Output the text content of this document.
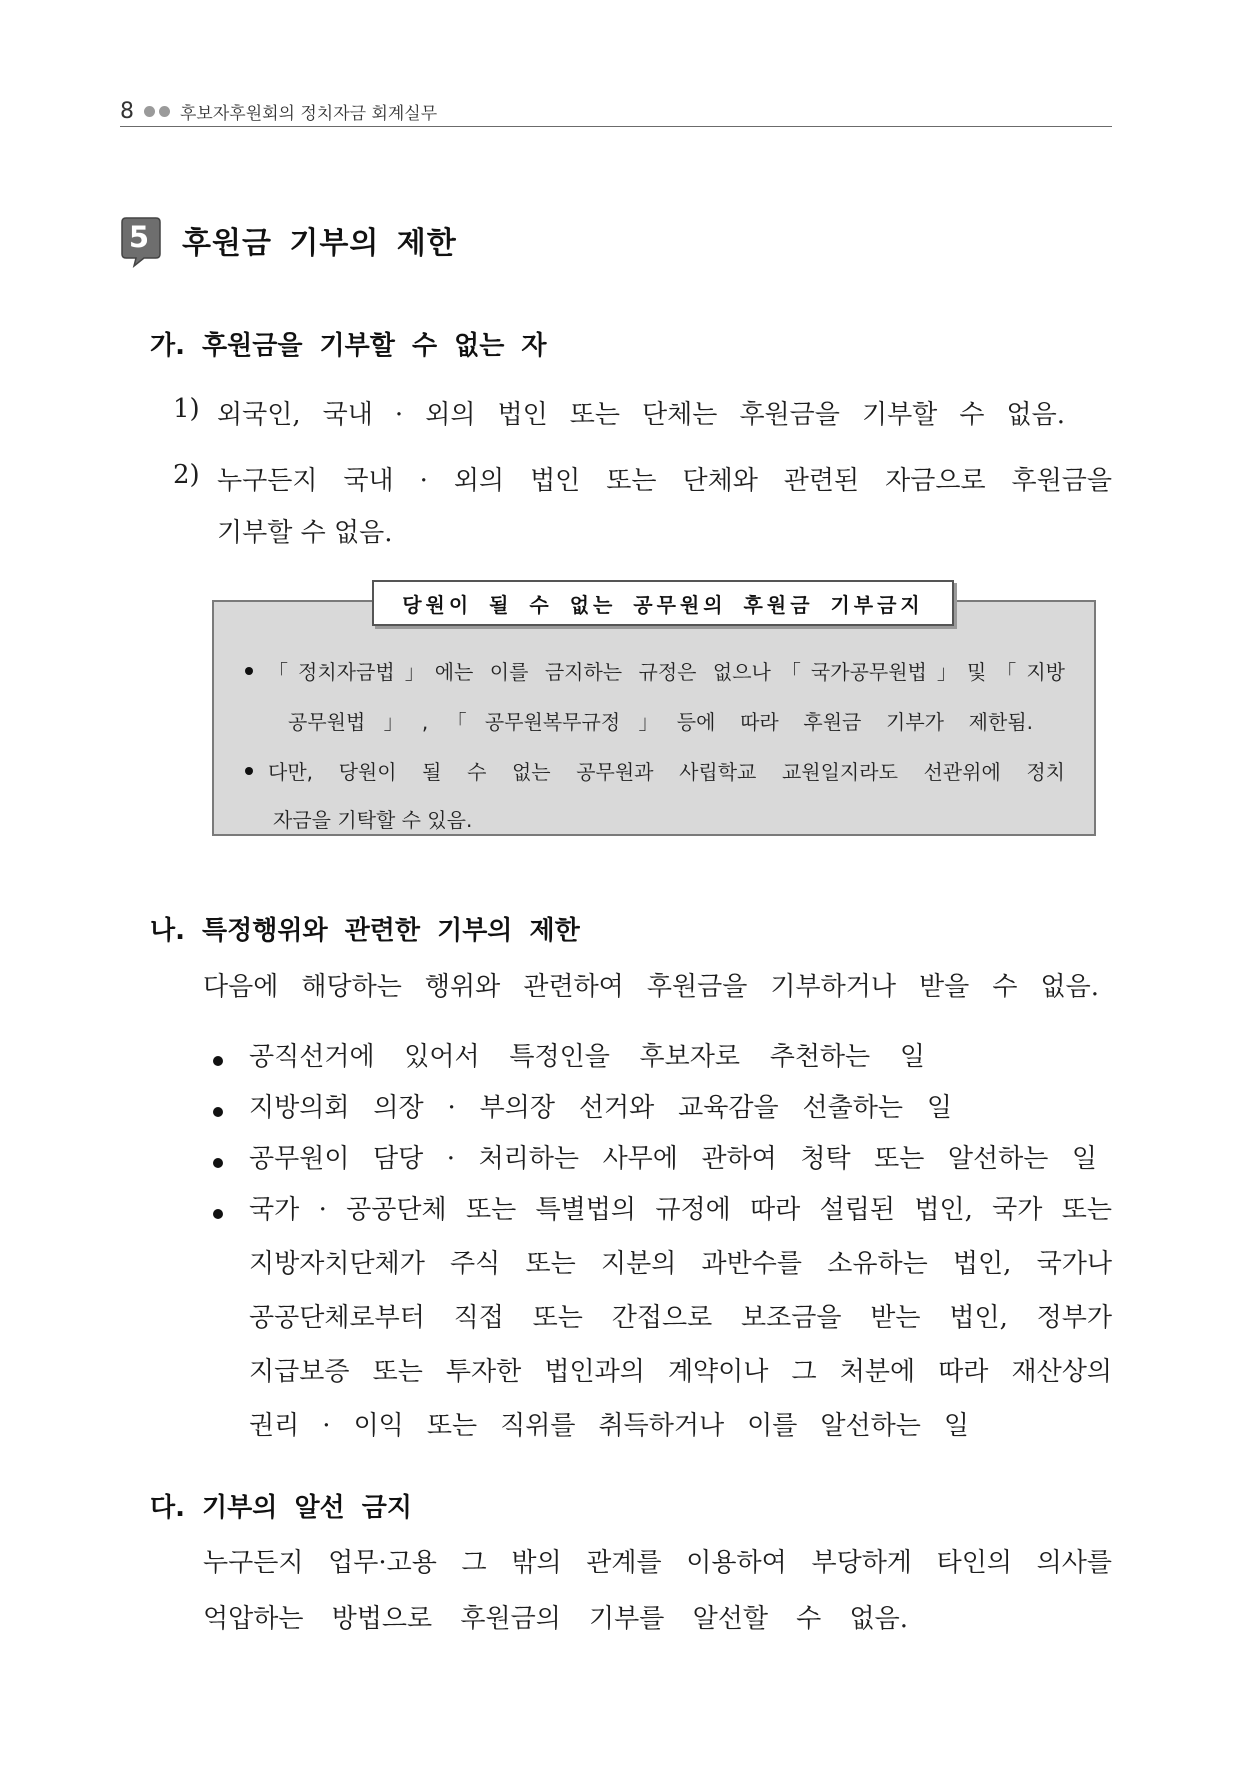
8	후보자후원회의 정치자금 회계실무
5 후원금 기부의 제한
가. 후원금을 기부할 수 없는 자
1) 외국인, 국내 · 외의 법인 또는 단체는 후원금을 기부할 수 없음.
2) 누구든지 국내 · 외의 법인 또는 단체와 관련된 자금으로 후원금을
기부할 수 없음.
당원이 될 수 없는 공무원의 후원금 기부금지
「정치자금법」에는 이를 금지하는 규정은 없으나「국가공무원법」및「지방
공무원법」,「공무원복무규정」등에 따라 후원금 기부가 제한됨.
다만, 당원이 될 수 없는 공무원과 사립학교 교원일지라도 선관위에 정치
자금을 기탁할 수 있음.
나. 특정행위와 관련한 기부의 제한
다음에 해당하는 행위와 관련하여 후원금을 기부하거나 받을 수 없음.
공직선거에 있어서 특정인을 후보자로 추천하는 일
지방의회 의장 · 부의장 선거와 교육감을 선출하는 일
공무원이 담당 · 처리하는 사무에 관하여 청탁 또는 알선하는 일
국가 · 공공단체 또는 특별법의 규정에 따라 설립된 법인, 국가 또는
지방자치단체가 주식 또는 지분의 과반수를 소유하는 법인, 국가나
공공단체로부터 직접 또는 간접으로 보조금을 받는 법인, 정부가
지급보증 또는 투자한 법인과의 계약이나 그 처분에 따라 재산상의
권리 · 이익 또는 직위를 취득하거나 이를 알선하는 일
다. 기부의 알선 금지
누구든지 업무·고용 그 밖의 관계를 이용하여 부당하게 타인의 의사를
억압하는 방법으로 후원금의 기부를 알선할 수 없음.
